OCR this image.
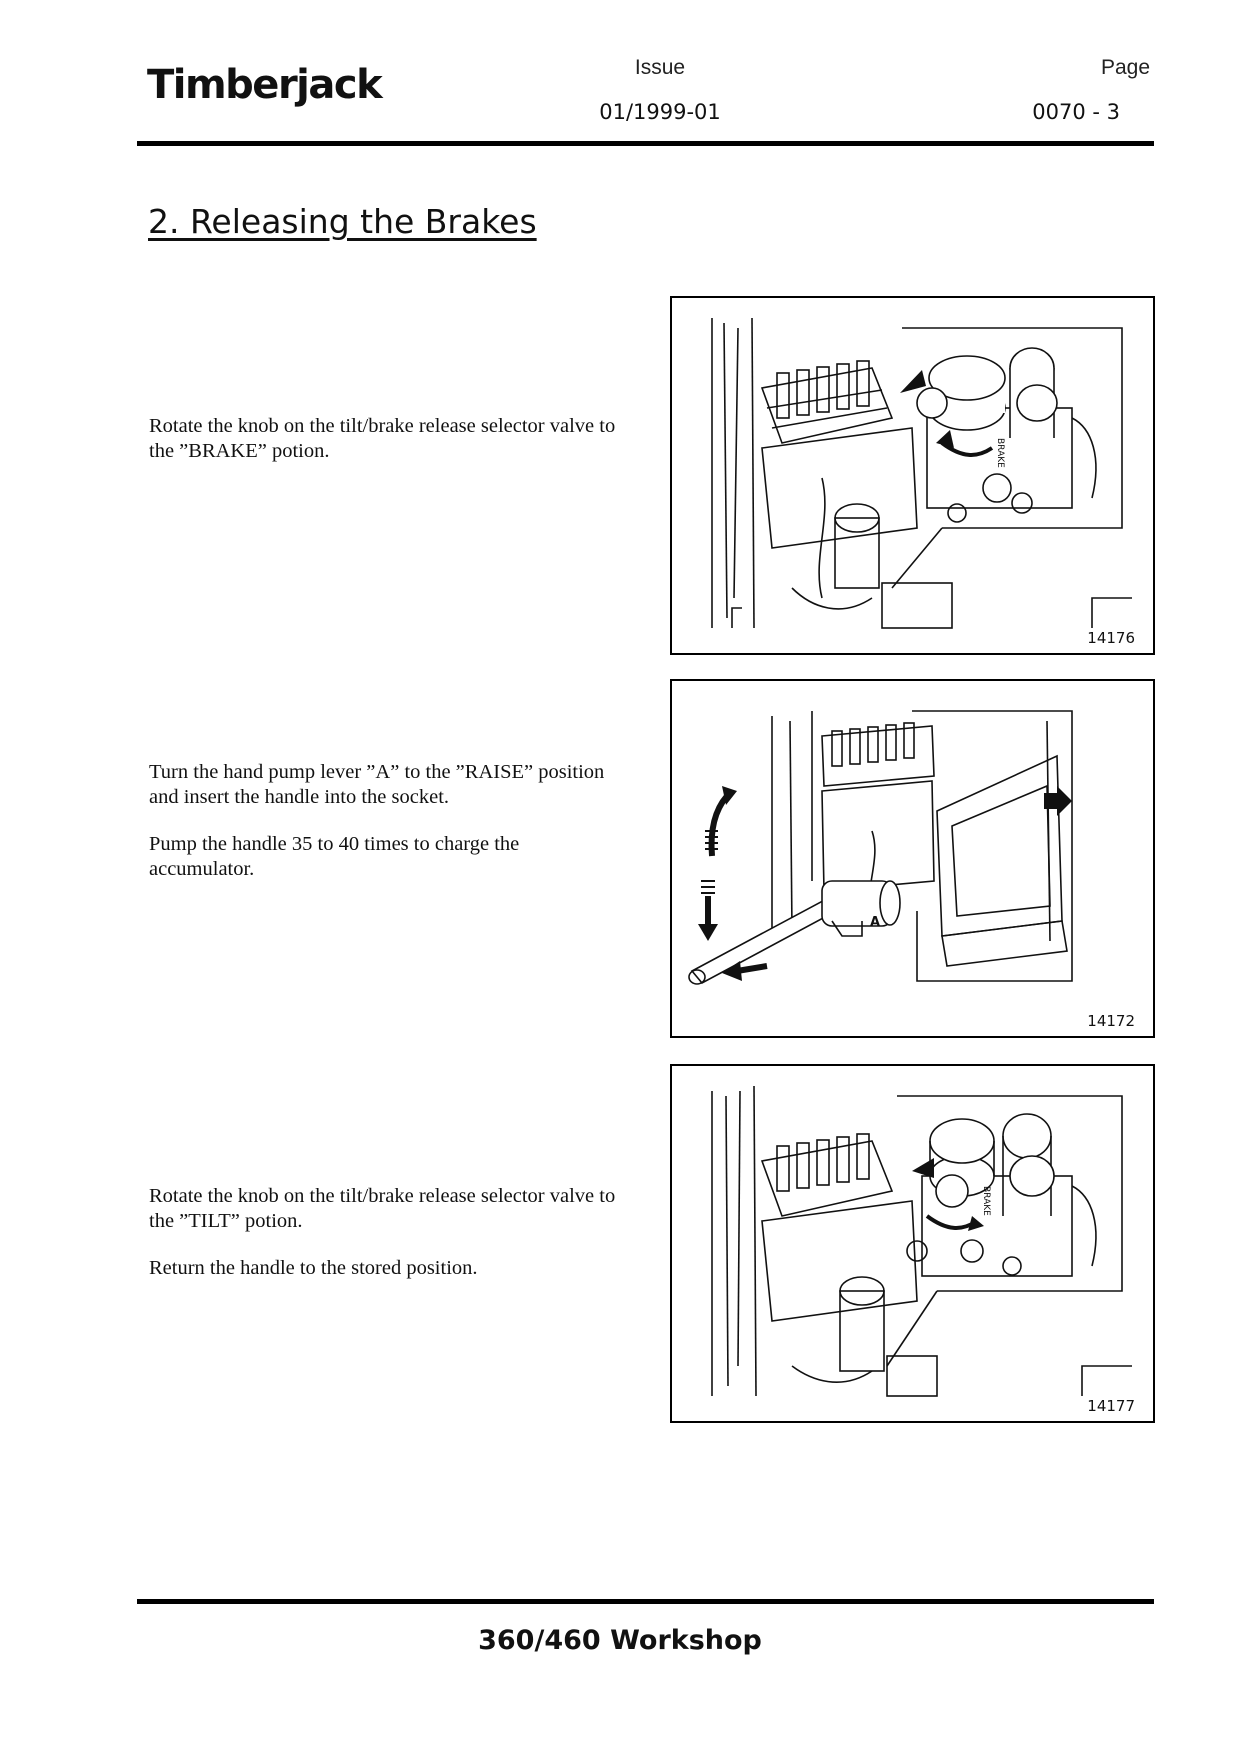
Timberjack	Issue
01/1999-01
Page
0070 - 3
2. Releasing the Brakes

Rotate the knob on the tilt/brake release selector valve to the ”BRAKE” potion.	BRAKE
14176

Turn the hand pump lever ”A” to the ”RAISE” position and insert the handle into the socket.

Pump the handle 35 to 40 times to charge the accumulator.

A
14172

Rotate the knob on the tilt/brake release selector valve to the ”TILT” potion.

Return the handle to the stored position.

BRAKE
14177
360/460 Workshop
